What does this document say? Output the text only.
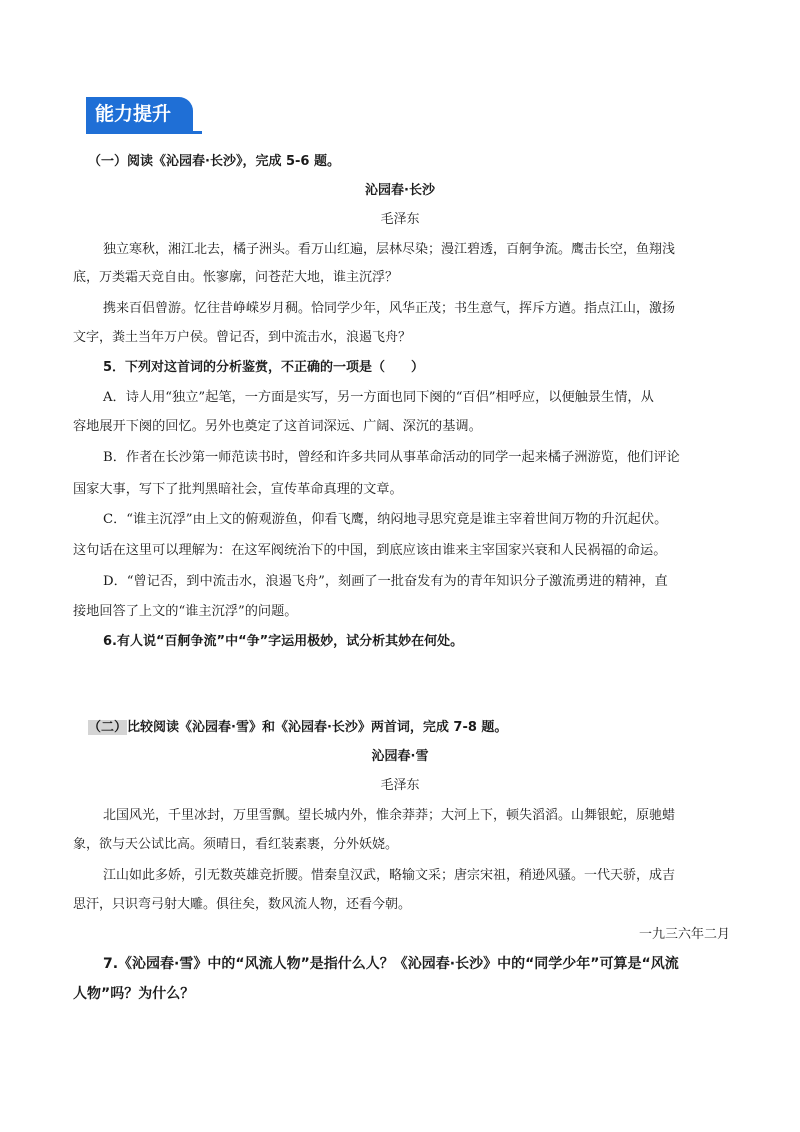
能力提升
（一）阅读《沁园春·长沙》，完成 5-6 题。
沁园春·长沙
毛泽东
独立寒秋，湘江北去，橘子洲头。看万山红遍，层林尽染；漫江碧透，百舸争流。鹰击长空，鱼翔浅
底，万类霜天竞自由。怅寥廓，问苍茫大地，谁主沉浮？
携来百侣曾游。忆往昔峥嵘岁月稠。恰同学少年，风华正茂；书生意气，挥斥方遒。指点江山，激扬
文字，粪土当年万户侯。曾记否，到中流击水，浪遏飞舟？
5．下列对这首词的分析鉴赏，不正确的一项是（　　）
A．诗人用“独立”起笔，一方面是实写，另一方面也同下阕的“百侣”相呼应，以便触景生情，从
容地展开下阕的回忆。另外也奠定了这首词深远、广阔、深沉的基调。
B．作者在长沙第一师范读书时，曾经和许多共同从事革命活动的同学一起来橘子洲游览，他们评论
国家大事，写下了批判黑暗社会，宣传革命真理的文章。
C．“谁主沉浮”由上文的俯观游鱼，仰看飞鹰，纳闷地寻思究竟是谁主宰着世间万物的升沉起伏。
这句话在这里可以理解为：在这军阀统治下的中国，到底应该由谁来主宰国家兴衰和人民祸福的命运。
D．“曾记否，到中流击水，浪遏飞舟”，刻画了一批奋发有为的青年知识分子激流勇进的精神，直
接地回答了上文的“谁主沉浮”的问题。
6.有人说“百舸争流”中“争”字运用极妙，试分析其妙在何处。
（二）比较阅读《沁园春·雪》和《沁园春·长沙》两首词，完成 7-8 题。
沁园春·雪
毛泽东
北国风光，千里冰封，万里雪飘。望长城内外，惟余莽莽；大河上下，顿失滔滔。山舞银蛇，原驰蜡
象，欲与天公试比高。须晴日，看红装素裹，分外妖娆。
江山如此多娇，引无数英雄竞折腰。惜秦皇汉武，略输文采；唐宗宋祖，稍逊风骚。一代天骄，成吉
思汗，只识弯弓射大雕。俱往矣，数风流人物，还看今朝。
一九三六年二月
7.《沁园春·雪》中的“风流人物”是指什么人？《沁园春·长沙》中的“同学少年”可算是“风流
人物”吗？为什么？
